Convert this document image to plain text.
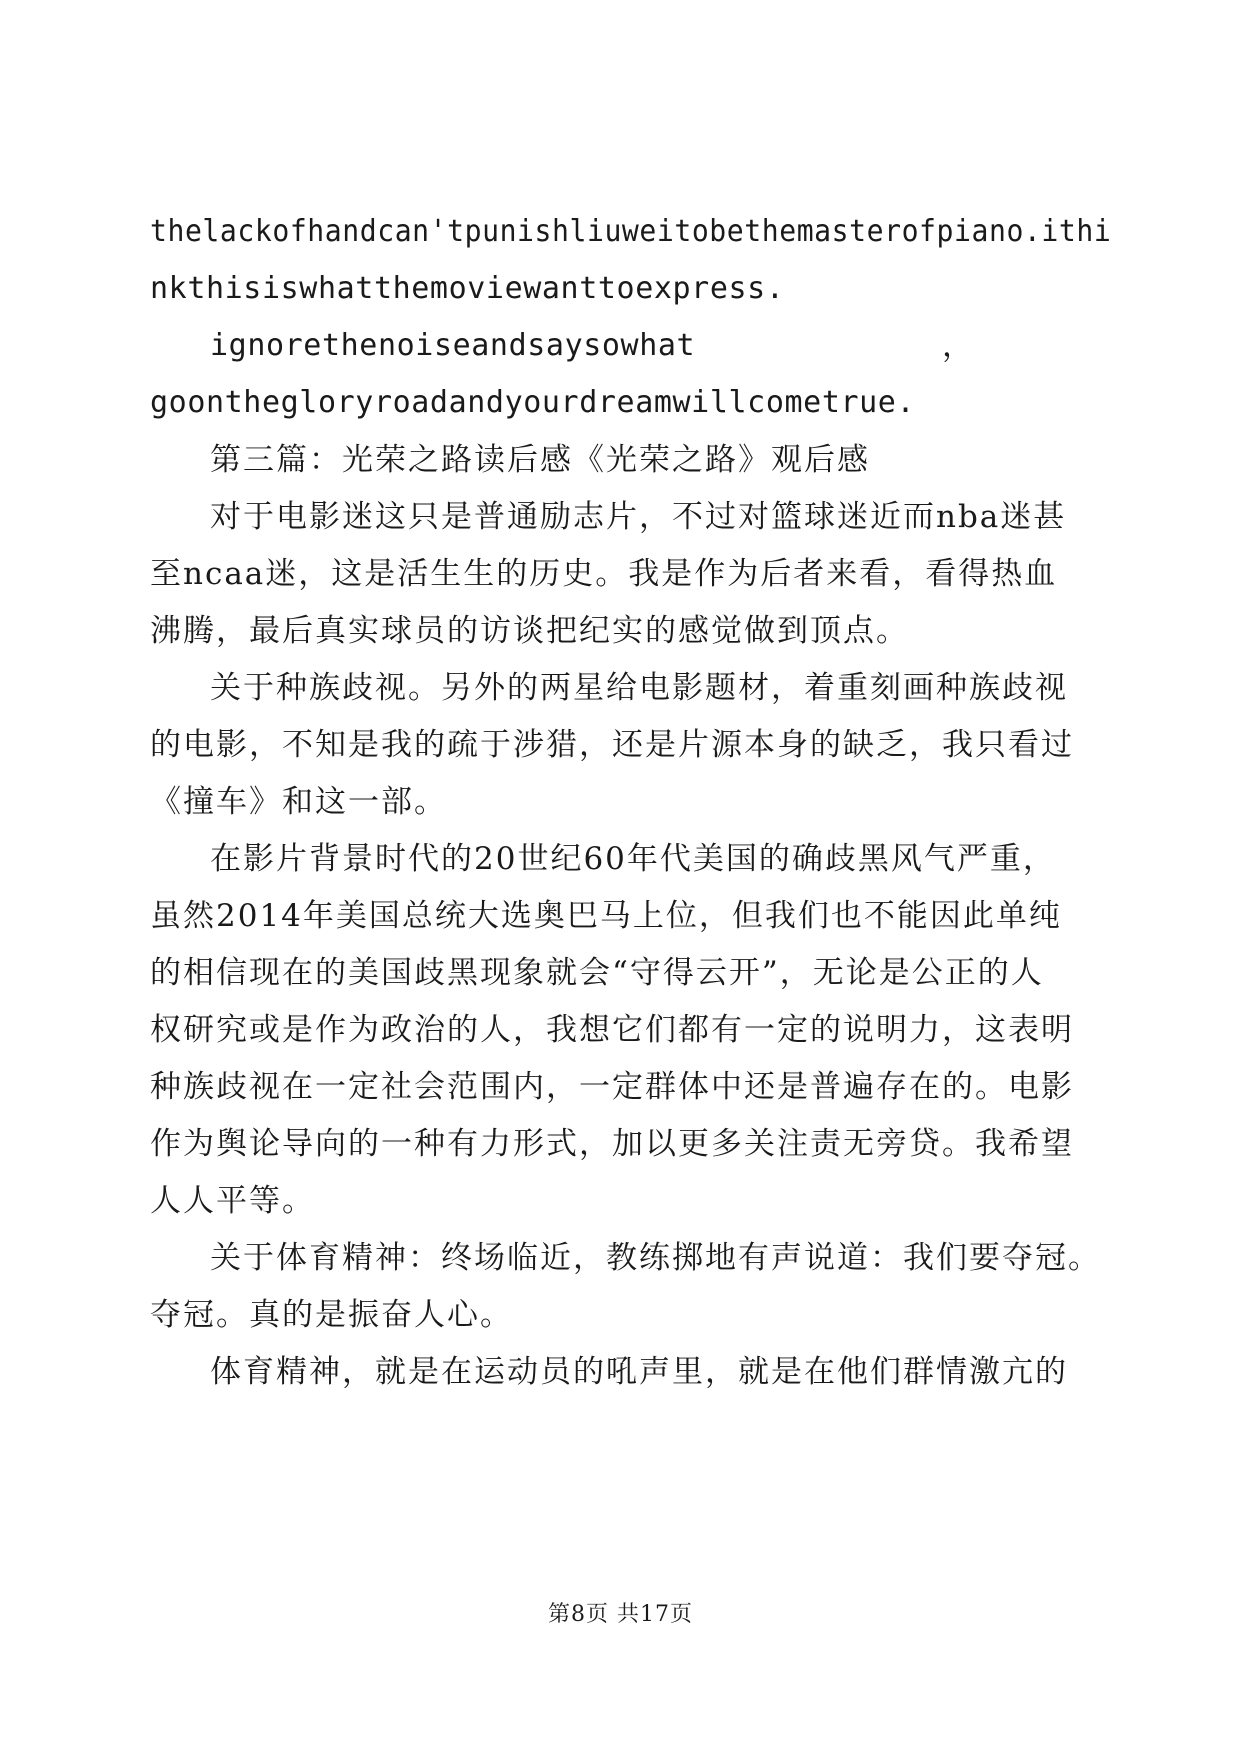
thelackofhandcan'tpunishliuweitobethemasterofpiano.ithi
nkthisiswhatthemoviewanttoexpress.
ignorethenoiseandsaysowhat	，
goonthegloryroadandyourdreamwillcometrue.
第三篇：光荣之路读后感《光荣之路》观后感
对于电影迷这只是普通励志片，不过对篮球迷近而nba迷甚
至ncaa迷，这是活生生的历史。我是作为后者来看，看得热血
沸腾，最后真实球员的访谈把纪实的感觉做到顶点。
关于种族歧视。另外的两星给电影题材，着重刻画种族歧视
的电影，不知是我的疏于涉猎，还是片源本身的缺乏，我只看过
《撞车》和这一部。
在影片背景时代的20世纪60年代美国的确歧黑风气严重，
虽然2014年美国总统大选奥巴马上位，但我们也不能因此单纯
的相信现在的美国歧黑现象就会“守得云开”，无论是公正的人
权研究或是作为政治的人，我想它们都有一定的说明力，这表明
种族歧视在一定社会范围内，一定群体中还是普遍存在的。电影
作为舆论导向的一种有力形式，加以更多关注责无旁贷。我希望
人人平等。
关于体育精神：终场临近，教练掷地有声说道：我们要夺冠。
夺冠。真的是振奋人心。
体育精神，就是在运动员的吼声里，就是在他们群情激亢的
第8页 共17页
